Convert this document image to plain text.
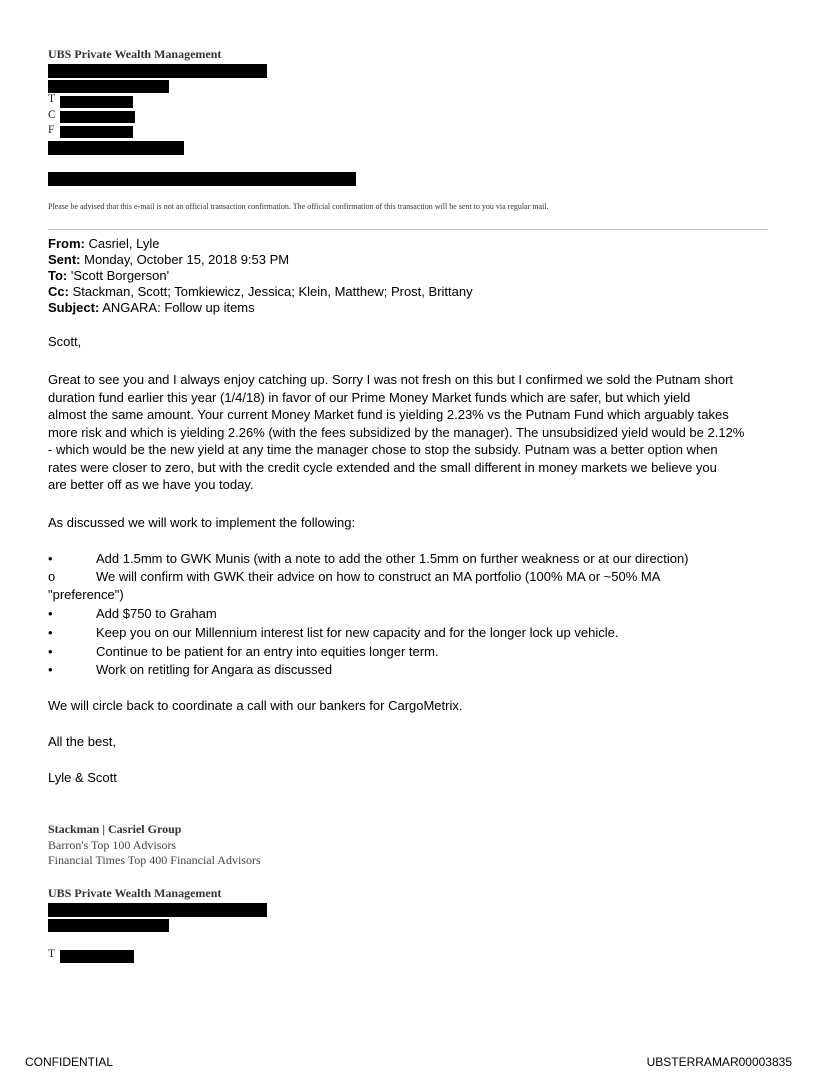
UBS Private Wealth Management
T
C
F
Please be advised that this e-mail is not an official transaction confirmation. The official confirmation of this transaction will be sent to you via regular mail.
From: Casriel, Lyle
Sent: Monday, October 15, 2018 9:53 PM
To: 'Scott Borgerson'
Cc: Stackman, Scott; Tomkiewicz, Jessica; Klein, Matthew; Prost, Brittany
Subject: ANGARA: Follow up items
Scott,
Great to see you and I always enjoy catching up. Sorry I was not fresh on this but I confirmed we sold the Putnam short
duration fund earlier this year (1/4/18) in favor of our Prime Money Market funds which are safer, but which yield
almost the same amount. Your current Money Market fund is yielding 2.23% vs the Putnam Fund which arguably takes
more risk and which is yielding 2.26% (with the fees subsidized by the manager). The unsubsidized yield would be 2.12%
- which would be the new yield at any time the manager chose to stop the subsidy. Putnam was a better option when
rates were closer to zero, but with the credit cycle extended and the small different in money markets we believe you
are better off as we have you today.
As discussed we will work to implement the following:
•	Add 1.5mm to GWK Munis (with a note to add the other 1.5mm on further weakness or at our direction)
o	We will confirm with GWK their advice on how to construct an MA portfolio (100% MA or ~50% MA
"preference")
•	Add $750 to Graham
•	Keep you on our Millennium interest list for new capacity and for the longer lock up vehicle.
•	Continue to be patient for an entry into equities longer term.
•	Work on retitling for Angara as discussed
We will circle back to coordinate a call with our bankers for CargoMetrix.
All the best,
Lyle & Scott
Stackman | Casriel Group
Barron's Top 100 Advisors
Financial Times Top 400 Financial Advisors
UBS Private Wealth Management
T
CONFIDENTIAL	UBSTERRAMAR00003835
